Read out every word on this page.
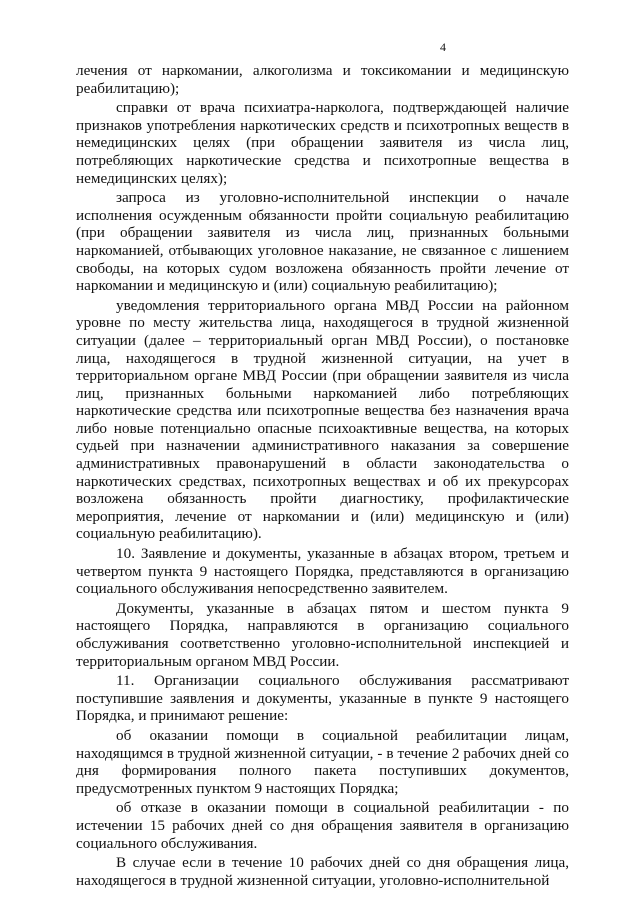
4

лечения от наркомании, алкоголизма и токсикомании и медицинскую реабилитацию);

справки от врача психиатра-нарколога, подтверждающей наличие признаков употребления наркотических средств и психотропных веществ в немедицинских целях (при обращении заявителя из числа лиц, потребляющих наркотические средства и психотропные вещества в немедицинских целях);

запроса из уголовно-исполнительной инспекции о начале исполнения осужденным обязанности пройти социальную реабилитацию (при обращении заявителя из числа лиц, признанных больными наркоманией, отбывающих уголовное наказание, не связанное с лишением свободы, на которых судом возложена обязанность пройти лечение от наркомании и медицинскую и (или) социальную реабилитацию);

уведомления территориального органа МВД России на районном уровне по месту жительства лица, находящегося в трудной жизненной ситуации (далее – территориальный орган МВД России), о постановке лица, находящегося в трудной жизненной ситуации, на учет в территориальном органе МВД России (при обращении заявителя из числа лиц, признанных больными наркоманией либо потребляющих наркотические средства или психотропные вещества без назначения врача либо новые потенциально опасные психоактивные вещества, на которых судьей при назначении административного наказания за совершение административных правонарушений в области законодательства о наркотических средствах, психотропных веществах и об их прекурсорах возложена обязанность пройти диагностику, профилактические мероприятия, лечение от наркомании и (или) медицинскую и (или) социальную реабилитацию).

10. Заявление и документы, указанные в абзацах втором, третьем и четвертом пункта 9 настоящего Порядка, представляются в организацию социального обслуживания непосредственно заявителем.

Документы, указанные в абзацах пятом и шестом пункта 9 настоящего Порядка, направляются в организацию социального обслуживания соответственно уголовно-исполнительной инспекцией и территориальным органом МВД России.

11. Организации социального обслуживания рассматривают поступившие заявления и документы, указанные в пункте 9 настоящего Порядка, и принимают решение:

об оказании помощи в социальной реабилитации лицам, находящимся в трудной жизненной ситуации, - в течение 2 рабочих дней со дня формирования полного пакета поступивших документов, предусмотренных пунктом 9 настоящих Порядка;

об отказе в оказании помощи в социальной реабилитации - по истечении 15 рабочих дней со дня обращения заявителя в организацию социального обслуживания.

В случае если в течение 10 рабочих дней со дня обращения лица, находящегося в трудной жизненной ситуации, уголовно-исполнительной
